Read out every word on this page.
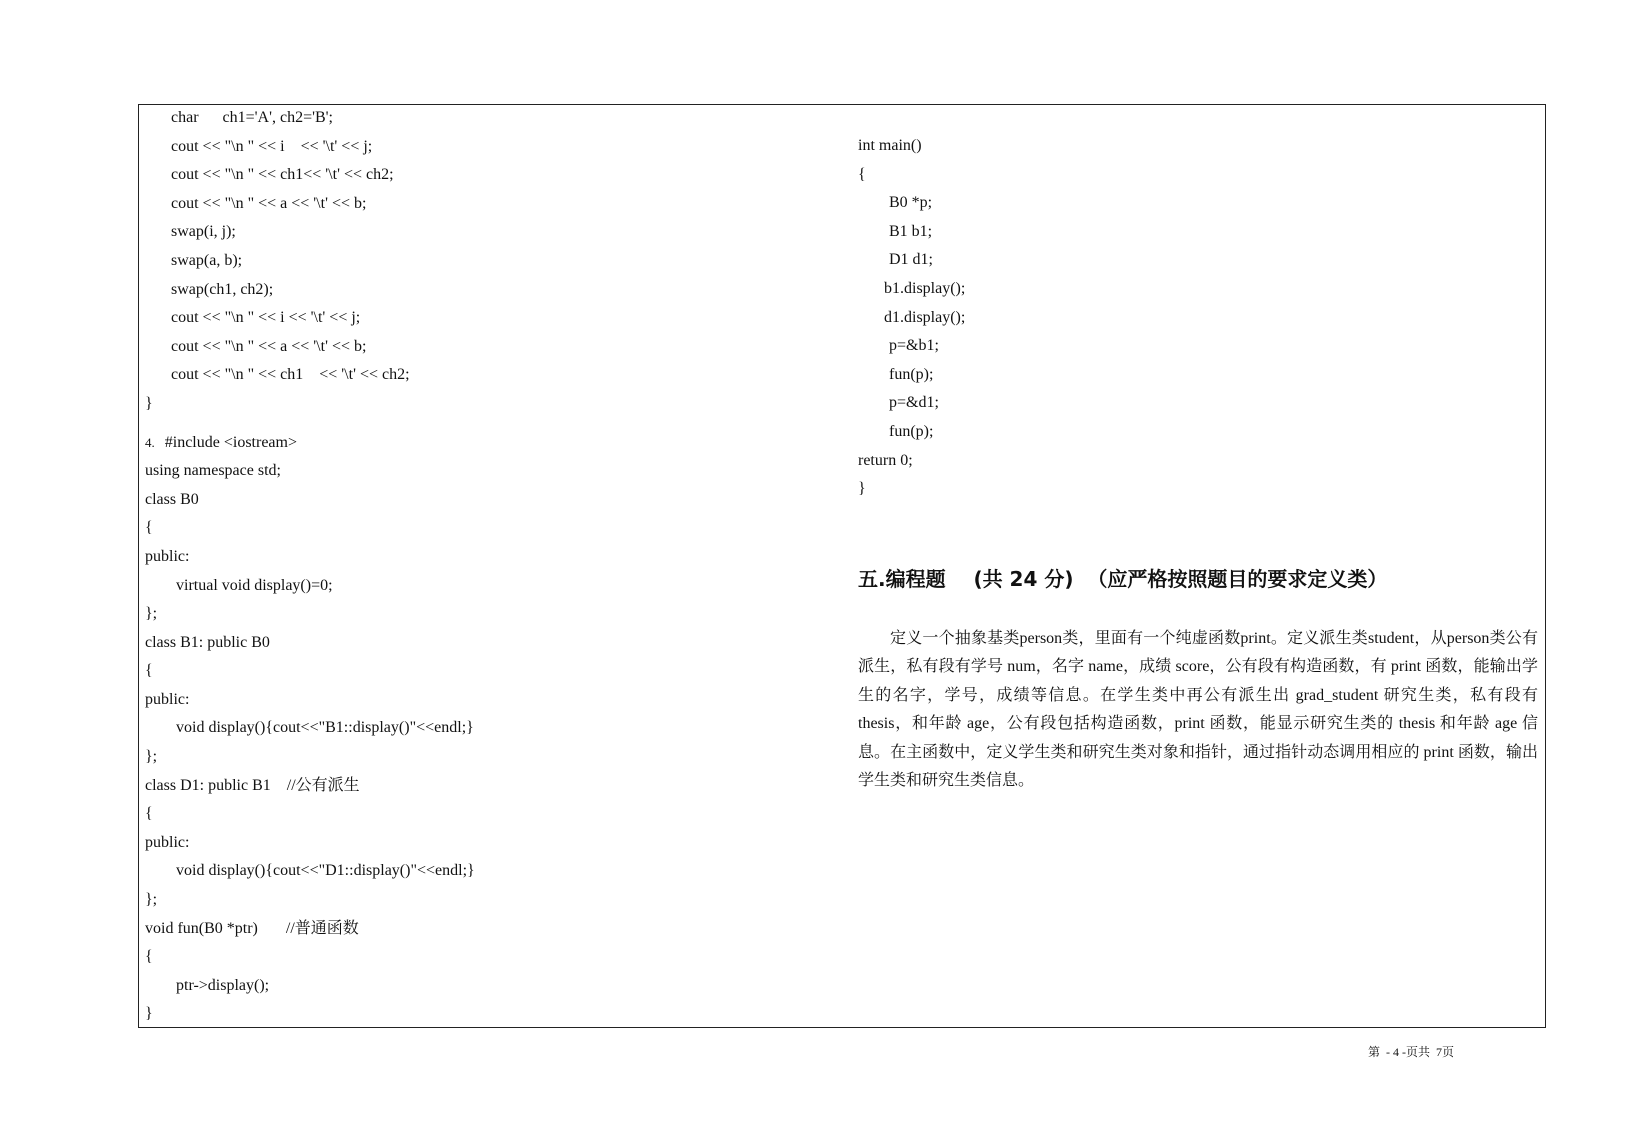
char      ch1='A', ch2='B';
cout << "\n " << i    << '\t' << j;
cout << "\n " << ch1<< '\t' << ch2;
cout << "\n " << a << '\t' << b;
swap(i, j);
swap(a, b);
swap(ch1, ch2);
cout << "\n " << i << '\t' << j;
cout << "\n " << a << '\t' << b;
cout << "\n " << ch1    << '\t' << ch2;
}
4. #include <iostream>
using namespace std;
class B0
{
public:
virtual void display()=0;
};
class B1: public B0
{
public:
void display(){cout<<"B1::display()"<<endl;}
};
class D1: public B1    //公有派生
{
public:
void display(){cout<<"D1::display()"<<endl;}
};
void fun(B0 *ptr)       //普通函数
{
ptr->display();
}
int main()
{
B0 *p;
B1 b1;
D1 d1;
b1.display();
d1.display();
p=&b1;
fun(p);
p=&d1;
fun(p);
return 0;
}
五.编程题    (共 24 分)  （应严格按照题目的要求定义类）
定义一个抽象基类person类，里面有一个纯虚函数print。定义派生类student，从person类公有派生，私有段有学号 num，名字 name，成绩 score，公有段有构造函数，有 print 函数，能输出学生的名字，学号，成绩等信息。在学生类中再公有派生出 grad_student 研究生类，私有段有 thesis，和年龄 age，公有段包括构造函数，print 函数，能显示研究生类的 thesis 和年龄 age 信息。在主函数中，定义学生类和研究生类对象和指针，通过指针动态调用相应的 print 函数，输出学生类和研究生类信息。
第  - 4 -页共  7页
